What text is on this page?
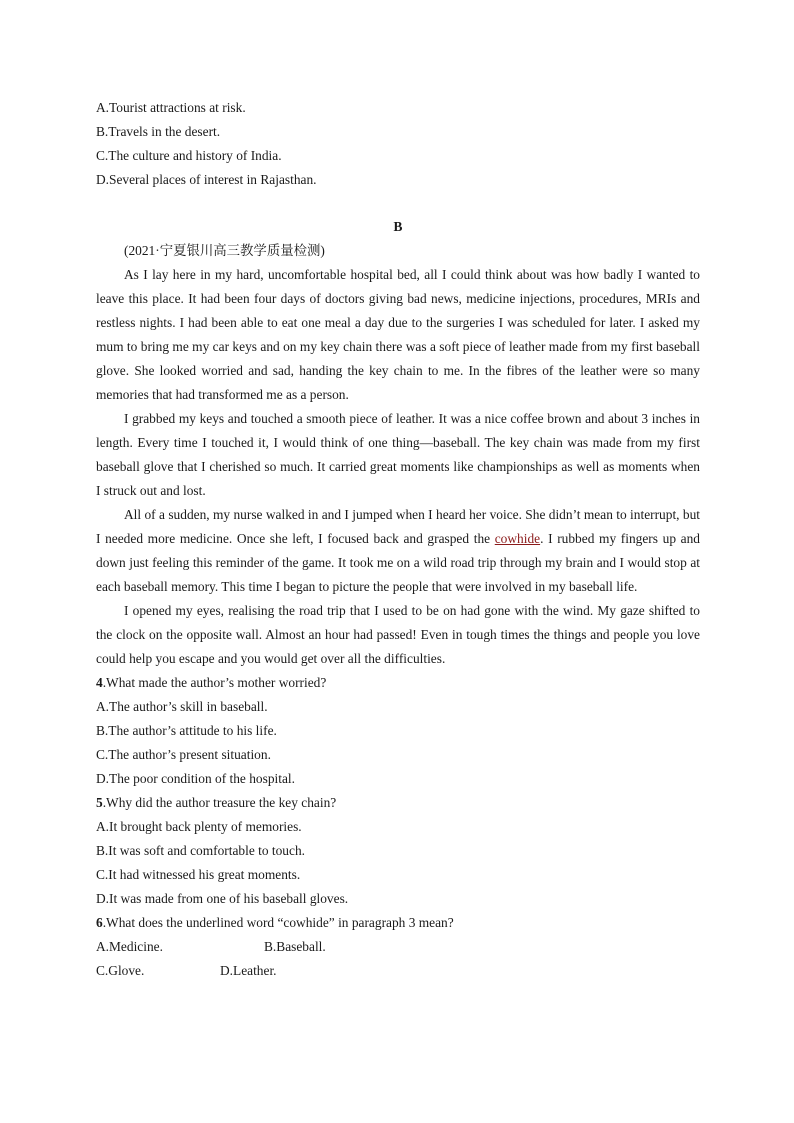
A.Tourist attractions at risk.
B.Travels in the desert.
C.The culture and history of India.
D.Several places of interest in Rajasthan.
B
(2021·宁夏银川高三教学质量检测)

As I lay here in my hard, uncomfortable hospital bed, all I could think about was how badly I wanted to leave this place. It had been four days of doctors giving bad news, medicine injections, procedures, MRIs and restless nights. I had been able to eat one meal a day due to the surgeries I was scheduled for later. I asked my mum to bring me my car keys and on my key chain there was a soft piece of leather made from my first baseball glove. She looked worried and sad, handing the key chain to me. In the fibres of the leather were so many memories that had transformed me as a person.

I grabbed my keys and touched a smooth piece of leather. It was a nice coffee brown and about 3 inches in length. Every time I touched it, I would think of one thing—baseball. The key chain was made from my first baseball glove that I cherished so much. It carried great moments like championships as well as moments when I struck out and lost.

All of a sudden, my nurse walked in and I jumped when I heard her voice. She didn’t mean to interrupt, but I needed more medicine. Once she left, I focused back and grasped the cowhide. I rubbed my fingers up and down just feeling this reminder of the game. It took me on a wild road trip through my brain and I would stop at each baseball memory. This time I began to picture the people that were involved in my baseball life.

I opened my eyes, realising the road trip that I used to be on had gone with the wind. My gaze shifted to the clock on the opposite wall. Almost an hour had passed! Even in tough times the things and people you love could help you escape and you would get over all the difficulties.

4.What made the author’s mother worried?
A.The author’s skill in baseball.
B.The author’s attitude to his life.
C.The author’s present situation.
D.The poor condition of the hospital.
5.Why did the author treasure the key chain?
A.It brought back plenty of memories.
B.It was soft and comfortable to touch.
C.It had witnessed his great moments.
D.It was made from one of his baseball gloves.
6.What does the underlined word “cowhide” in paragraph 3 mean?
A.Medicine.	B.Baseball.
C.Glove.	D.Leather.
